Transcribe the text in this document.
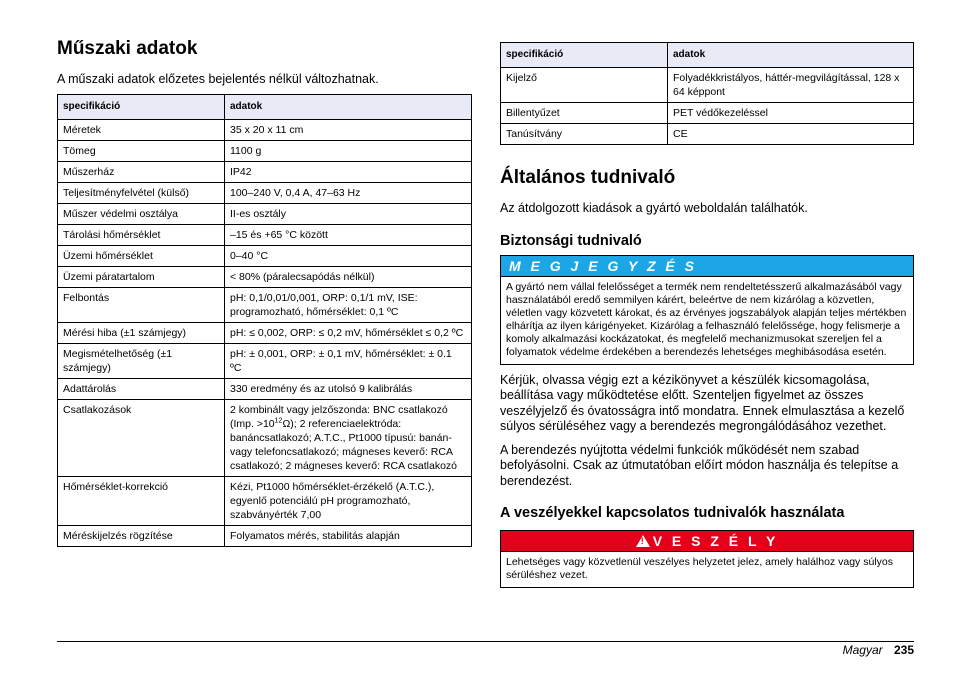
Műszaki adatok
A műszaki adatok előzetes bejelentés nélkül változhatnak.
specifikáció	adatok
Méretek	35 x 20 x 11 cm
Tömeg	1100 g
Műszerház	IP42
Teljesítményfelvétel (külső)	100–240 V, 0,4 A, 47–63 Hz
Műszer védelmi osztálya	II-es osztály
Tárolási hőmérséklet	–15 és +65 °C között
Üzemi hőmérséklet	0–40 °C
Üzemi páratartalom	< 80% (páralecsapódás nélkül)
Felbontás	pH: 0,1/0,01/0,001, ORP: 0,1/1 mV, ISE: programozható, hőmérséklet: 0,1 ºC
Mérési hiba (±1 számjegy)	pH: ≤ 0,002, ORP: ≤ 0,2 mV, hőmérséklet ≤ 0,2 ºC
Megismételhetőség (±1 számjegy)	pH: ± 0,001, ORP: ± 0,1 mV, hőmérséklet: ± 0.1 ºC
Adattárolás	330 eredmény és az utolsó 9 kalibrálás
Csatlakozások	2 kombinált vagy jelzőszonda: BNC csatlakozó (Imp. $>10^{12}\Omega$); 2 referenciaelektróda: banáncsatlakozó; A.T.C., Pt1000 típusú: banán- vagy telefoncsatlakozó; mágneses keverő: RCA csatlakozó; 2 mágneses keverő: RCA csatlakozó
Hőmérséklet-korrekció	Kézi, Pt1000 hőmérséklet-érzékelő (A.T.C.), egyenlő potenciálú pH programozható, szabványérték 7,00
Méréskijelzés rögzítése	Folyamatos mérés, stabilitás alapján
specifikáció	adatok
Kijelző	Folyadékkristályos, háttér-megvilágítással, 128 x 64 képpont
Billentyűzet	PET védőkezeléssel
Tanúsítvány	CE
Általános tudnivaló

Az átdolgozott kiadások a gyártó weboldalán találhatók.

Biztonsági tudnivaló
M E G J E G Y Z É S
A gyártó nem vállal felelősséget a termék nem rendeltetésszerű alkalmazásából vagy használatából eredő semmilyen kárért, beleértve de nem kizárólag a közvetlen, véletlen vagy közvetett károkat, és az érvényes jogszabályok alapján teljes mértékben elhárítja az ilyen kárigényeket. Kizárólag a felhasználó felelőssége, hogy felismerje a komoly alkalmazási kockázatokat, és megfelelő mechanizmusokat szereljen fel a folyamatok védelme érdekében a berendezés lehetséges meghibásodása esetén.

Kérjük, olvassa végig ezt a kézikönyvet a készülék kicsomagolása, beállítása vagy működtetése előtt. Szenteljen figyelmet az összes veszélyjelző és óvatosságra intő mondatra. Ennek elmulasztása a kezelő súlyos sérüléséhez vagy a berendezés megrongálódásához vezethet.

A berendezés nyújtotta védelmi funkciók működését nem szabad befolyásolni. Csak az útmutatóban előírt módon használja és telepítse a berendezést.

A veszélyekkel kapcsolatos tudnivalók használata
!V E S Z É L Y
Lehetséges vagy közvetlenül veszélyes helyzetet jelez, amely halálhoz vagy súlyos sérüléshez vezet.
Magyar 235
